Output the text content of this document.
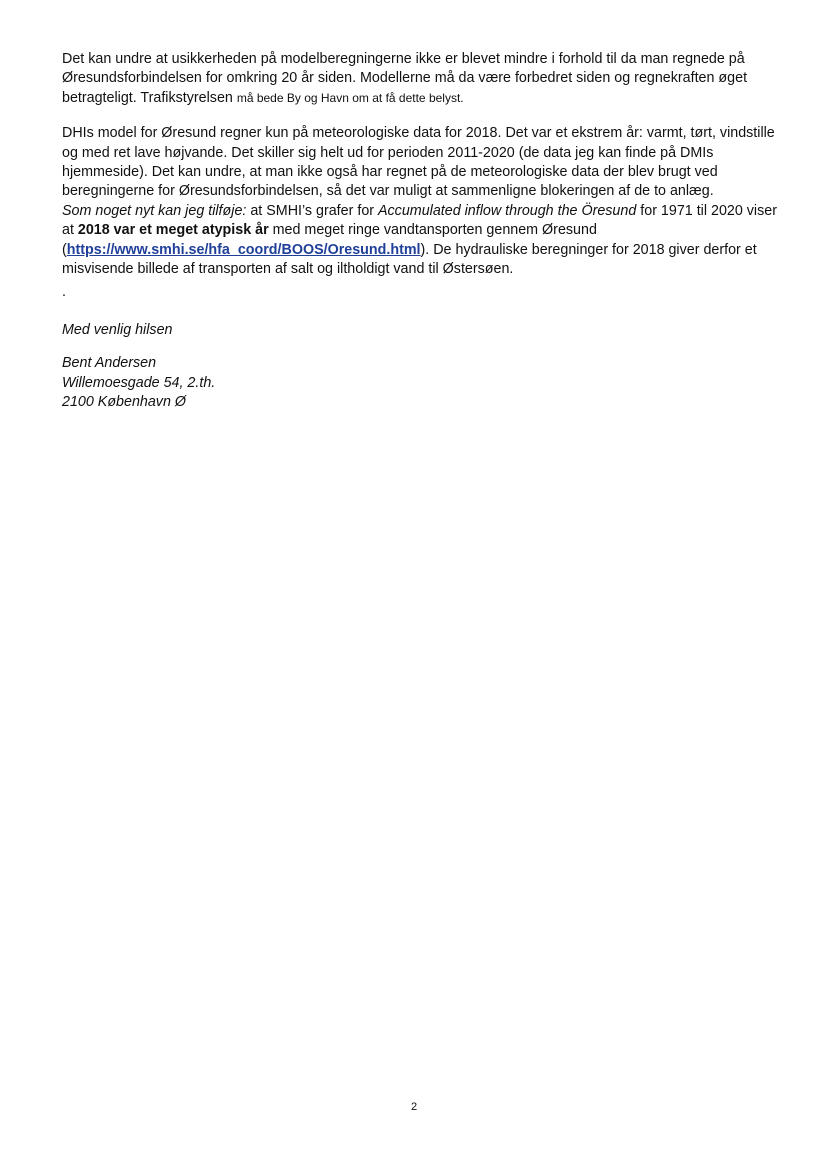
Det kan undre at usikkerheden på modelberegningerne ikke er blevet mindre i forhold til da man regnede på Øresundsforbindelsen for omkring 20 år siden. Modellerne må da være forbedret siden og regnekraften øget betragteligt. Trafikstyrelsen må bede By og Havn om at få dette belyst.

DHIs model for Øresund regner kun på meteorologiske data for 2018. Det var et ekstrem år: varmt, tørt, vindstille og med ret lave højvande. Det skiller sig helt ud for perioden 2011-2020 (de data jeg kan finde på DMIs hjemmeside). Det kan undre, at man ikke også har regnet på de meteorologiske data der blev brugt ved beregningerne for Øresundsforbindelsen, så det var muligt at sammenligne blokeringen af de to anlæg.

Som noget nyt kan jeg tilføje: at SMHI’s grafer for Accumulated inflow through the Öresund for 1971 til 2020 viser at 2018 var et meget atypisk år med meget ringe vandtansporten gennem Øresund (https://www.smhi.se/hfa_coord/BOOS/Oresund.html). De hydrauliske beregninger for 2018 giver derfor et misvisende billede af transporten af salt og iltholdigt vand til Østersøen.

.

Med venlig hilsen

Bent Andersen

Willemoesgade 54, 2.th.

2100 København Ø

2
